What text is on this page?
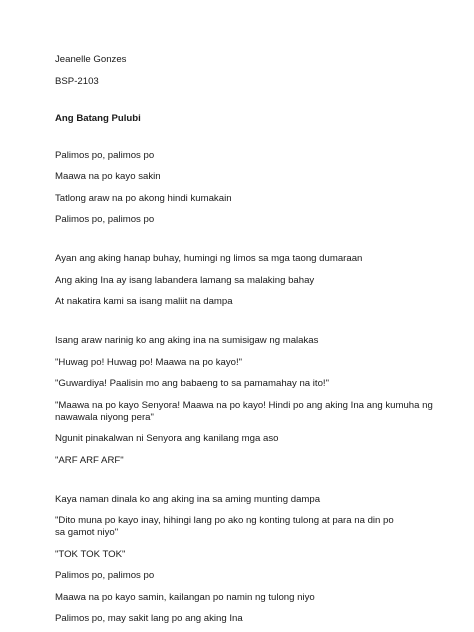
Jeanelle Gonzes
BSP-2103
Ang Batang Pulubi
Palimos po, palimos po
Maawa na po kayo sakin
Tatlong araw na po akong hindi kumakain
Palimos po, palimos po
Ayan ang aking hanap buhay, humingi ng limos sa mga taong dumaraan
Ang aking Ina ay isang labandera lamang sa malaking bahay
At nakatira kami sa isang maliit na dampa
Isang araw narinig ko ang aking ina na sumisigaw ng malakas
"Huwag po! Huwag po! Maawa na po kayo!"
"Guwardiya! Paalisin mo ang babaeng to sa pamamahay na ito!"
"Maawa na po kayo Senyora! Maawa na po kayo! Hindi po ang aking Ina ang kumuha ng nawawala niyong pera"
Ngunit pinakalwan ni Senyora ang kanilang mga aso
"ARF ARF ARF"
Kaya naman dinala ko ang aking ina sa aming munting dampa
"Dito muna po kayo inay, hihingi lang po ako ng konting tulong at para na din po sa gamot niyo"
"TOK TOK TOK"
Palimos po, palimos po
Maawa na po kayo samin, kailangan po namin ng tulong niyo
Palimos po, may sakit lang po ang aking Ina
